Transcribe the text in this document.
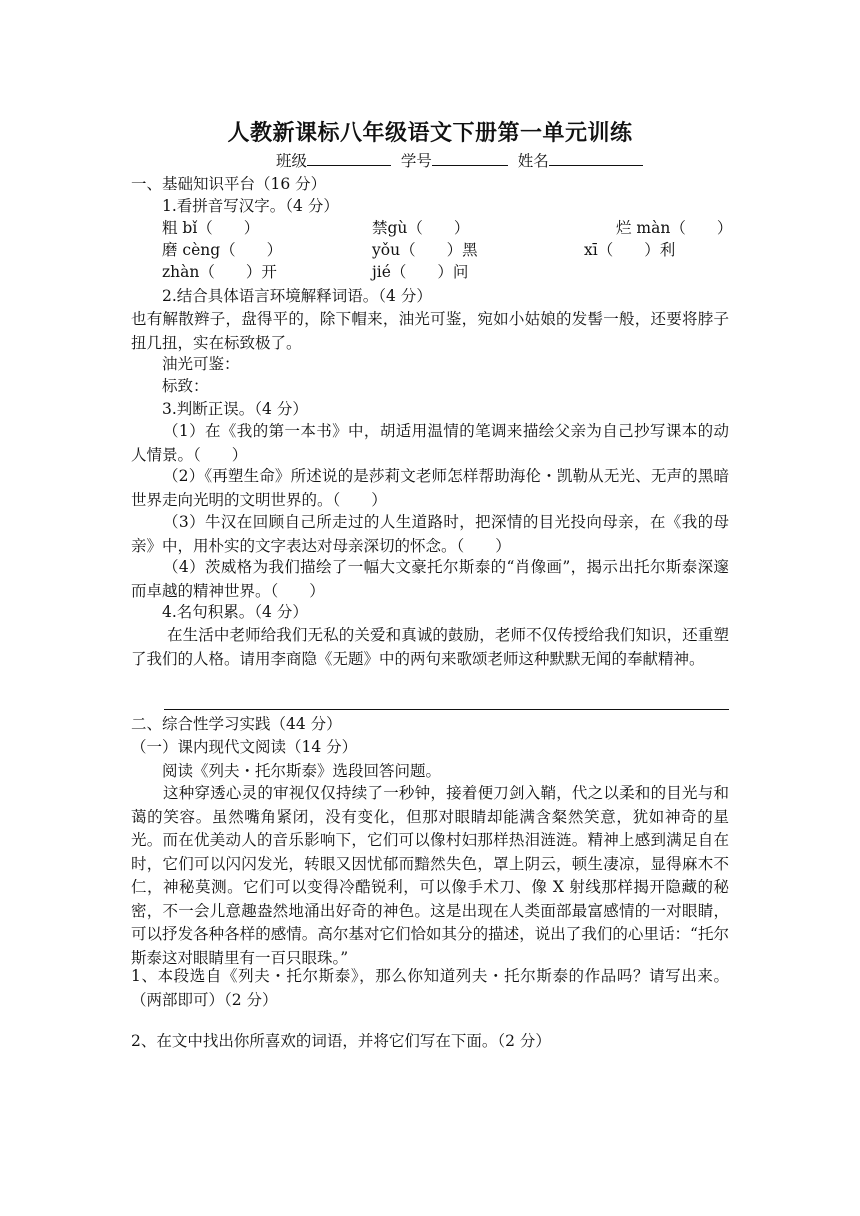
人教新课标八年级语文下册第一单元训练
班级	学号	姓名
一、基础知识平台（16 分）
1.看拼音写汉字。（4 分）
粗 bǐ（　　）	禁gù（　　）	烂 màn（　　）
磨 cèng（　　）	yǒu（　　）黑	xī（　　）利
zhàn（　　）开	jié（　　）问
2.结合具体语言环境解释词语。（4 分）
也有解散辫子，盘得平的，除下帽来，油光可鉴，宛如小姑娘的发髻一般，还要将脖子扭几扭，实在标致极了。
油光可鉴：
标致：
3.判断正误。（4 分）
（1）在《我的第一本书》中，胡适用温情的笔调来描绘父亲为自己抄写课本的动人情景。（　　）
（2）《再塑生命》所述说的是莎莉文老师怎样帮助海伦・凯勒从无光、无声的黑暗世界走向光明的文明世界的。（　　）
（3）牛汉在回顾自己所走过的人生道路时，把深情的目光投向母亲，在《我的母亲》中，用朴实的文字表达对母亲深切的怀念。（　　）
（4）茨威格为我们描绘了一幅大文豪托尔斯泰的“肖像画”，揭示出托尔斯泰深邃而卓越的精神世界。（　　）
4.名句积累。（4 分）
在生活中老师给我们无私的关爱和真诚的鼓励，老师不仅传授给我们知识，还重塑了我们的人格。请用李商隐《无题》中的两句来歌颂老师这种默默无闻的奉献精神。
二、综合性学习实践（44 分）
（一）课内现代文阅读（14 分）
阅读《列夫・托尔斯泰》选段回答问题。
这种穿透心灵的审视仅仅持续了一秒钟，接着便刀剑入鞘，代之以柔和的目光与和蔼的笑容。虽然嘴角紧闭，没有变化，但那对眼睛却能满含粲然笑意，犹如神奇的星光。而在优美动人的音乐影响下，它们可以像村妇那样热泪涟涟。精神上感到满足自在时，它们可以闪闪发光，转眼又因忧郁而黯然失色，罩上阴云，顿生凄凉，显得麻木不仁，神秘莫测。它们可以变得冷酷锐利，可以像手术刀、像 X 射线那样揭开隐藏的秘密，不一会儿意趣盎然地涌出好奇的神色。这是出现在人类面部最富感情的一对眼睛，可以抒发各种各样的感情。高尔基对它们恰如其分的描述，说出了我们的心里话：“托尔斯泰这对眼睛里有一百只眼珠。”
1、本段选自《列夫・托尔斯泰》，那么你知道列夫・托尔斯泰的作品吗？请写出来。（两部即可）（2 分）
2、在文中找出你所喜欢的词语，并将它们写在下面。（2 分）
